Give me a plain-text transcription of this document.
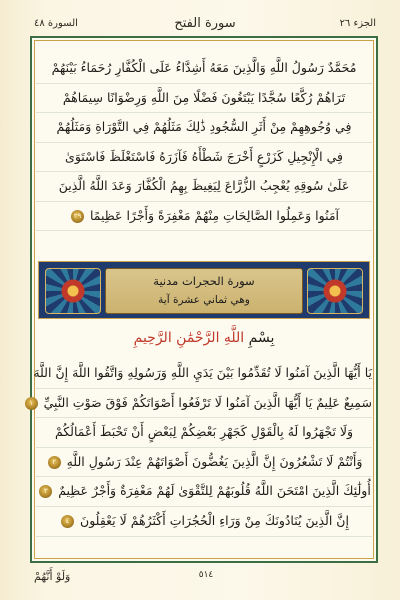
السورة ٤٨	سورة الفتح	الجزء ٢٦
مُحَمَّدٌ رَسُولُ اللَّهِ وَالَّذِينَ مَعَهُ أَشِدَّاءُ عَلَى الْكُفَّارِ رُحَمَاءُ بَيْنَهُمْ
تَرَاهُمْ رُكَّعًا سُجَّدًا يَبْتَغُونَ فَضْلًا مِنَ اللَّهِ وَرِضْوَانًا سِيمَاهُمْ
فِي وُجُوهِهِمْ مِنْ أَثَرِ السُّجُودِ ذَٰلِكَ مَثَلُهُمْ فِي التَّوْرَاةِ وَمَثَلُهُمْ
فِي الْإِنْجِيلِ كَزَرْعٍ أَخْرَجَ شَطْأَهُ فَآزَرَهُ فَاسْتَغْلَظَ فَاسْتَوَىٰ
عَلَىٰ سُوقِهِ يُعْجِبُ الزُّرَّاعَ لِيَغِيظَ بِهِمُ الْكُفَّارَ وَعَدَ اللَّهُ الَّذِينَ
آمَنُوا وَعَمِلُوا الصَّالِحَاتِ مِنْهُمْ مَغْفِرَةً وَأَجْرًا عَظِيمًا ٢٩
سورة الحجرات مدنية
وهي ثماني عشرة آية
بِسْمِ اللَّهِ الرَّحْمَٰنِ الرَّحِيمِ
يَا أَيُّهَا الَّذِينَ آمَنُوا لَا تُقَدِّمُوا بَيْنَ يَدَيِ اللَّهِ وَرَسُولِهِ وَاتَّقُوا اللَّهَ إِنَّ اللَّهَ
سَمِيعٌ عَلِيمٌ يَا أَيُّهَا الَّذِينَ آمَنُوا لَا تَرْفَعُوا أَصْوَاتَكُمْ فَوْقَ صَوْتِ النَّبِيِّ ١
وَلَا تَجْهَرُوا لَهُ بِالْقَوْلِ كَجَهْرِ بَعْضِكُمْ لِبَعْضٍ أَنْ تَحْبَطَ أَعْمَالُكُمْ
وَأَنْتُمْ لَا تَشْعُرُونَ إِنَّ الَّذِينَ يَغُضُّونَ أَصْوَاتَهُمْ عِنْدَ رَسُولِ اللَّهِ ٢
أُولَٰئِكَ الَّذِينَ امْتَحَنَ اللَّهُ قُلُوبَهُمْ لِلتَّقْوَىٰ لَهُمْ مَغْفِرَةٌ وَأَجْرٌ عَظِيمٌ ٣
إِنَّ الَّذِينَ يُنَادُونَكَ مِنْ وَرَاءِ الْحُجُرَاتِ أَكْثَرُهُمْ لَا يَعْقِلُونَ ٤
وَلَوْ أَنَّهُمْ	٥١٤
